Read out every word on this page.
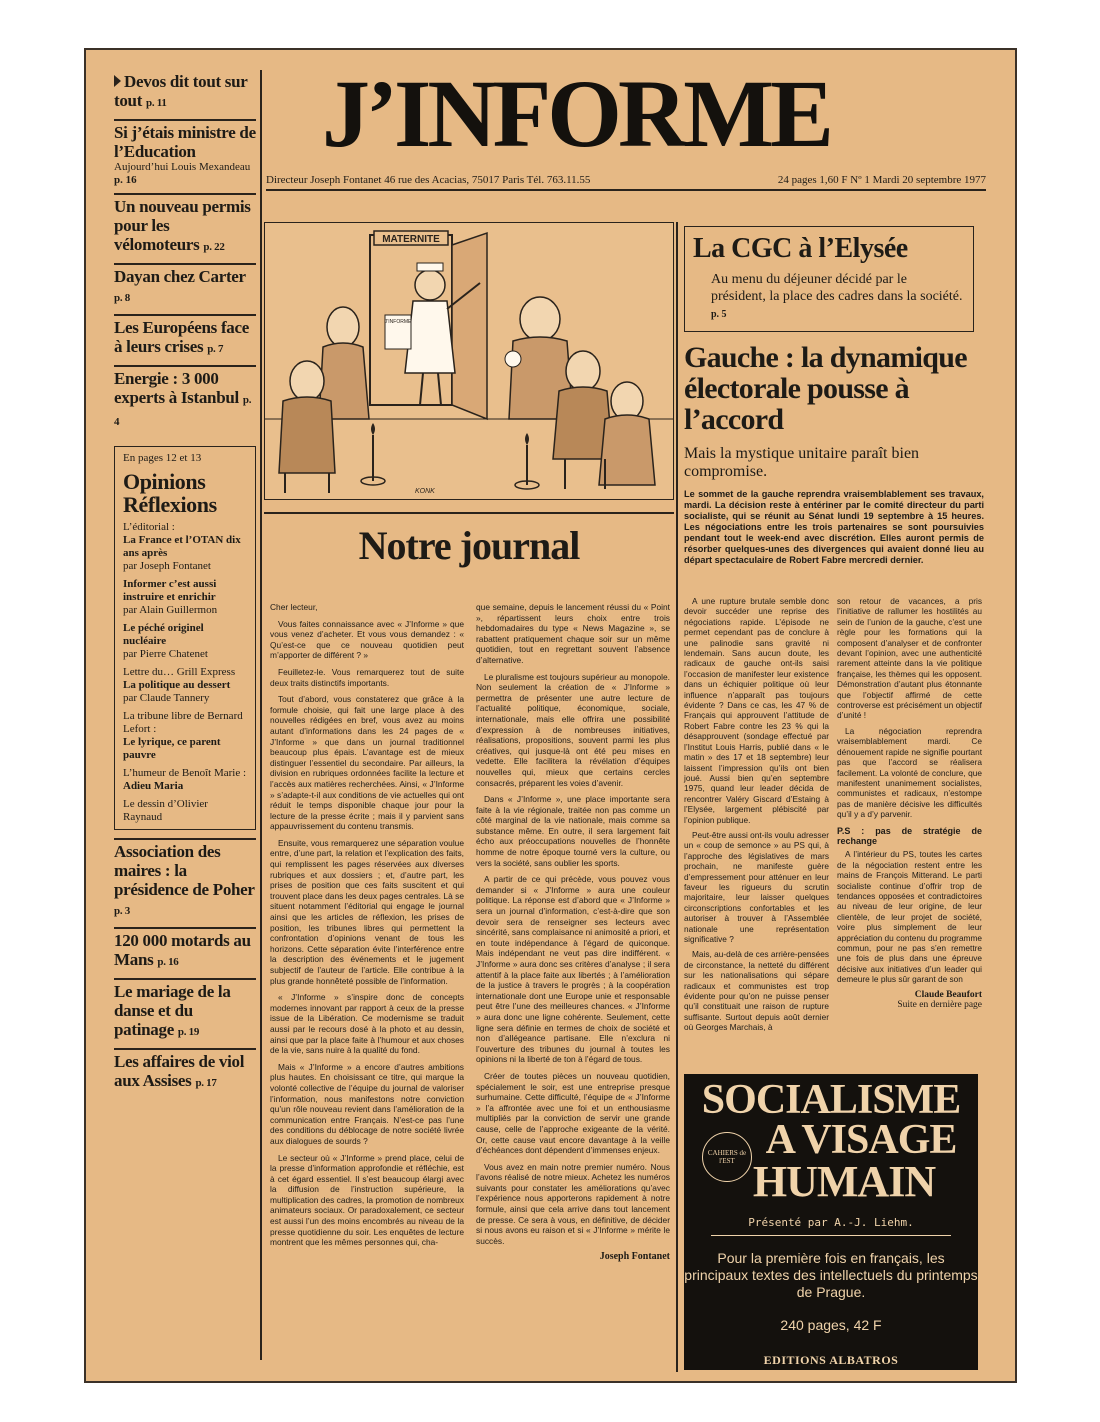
J’INFORME
Directeur Joseph Fontanet 46 rue des Acacias, 75017 Paris Tél. 763.11.55	24 pages 1,60 F Nº 1 Mardi 20 septembre 1977
Devos dit tout sur tout p. 11
Si j’étais ministre de l’Education
Aujourd’hui Louis Mexandeau p. 16
Un nouveau permis pour les vélomoteurs p. 22
Dayan chez Carter p. 8
Les Européens face à leurs crises p. 7
Energie : 3 000 experts à Istanbul p. 4
En pages 12 et 13
Opinions
Réflexions
L’éditorial :
La France et l’OTAN dix ans après
par Joseph Fontanet
Informer c’est aussi instruire et enrichir
par Alain Guillermon
Le péché originel nucléaire
par Pierre Chatenet
Lettre du… Grill Express
La politique au dessert
par Claude Tannery
La tribune libre de Bernard Lefort :
Le lyrique, ce parent pauvre
L’humeur de Benoît Marie :
Adieu Maria
Le dessin d’Olivier Raynaud
Association des maires : la présidence de Poher p. 3
120 000 motards au Mans p. 16
Le mariage de la danse et du patinage p. 19
Les affaires de viol aux Assises p. 17
MATERNITE
J’INFORME
KONK
Notre journal

Cher lecteur,

Vous faites connaissance avec « J’Informe » que vous venez d’acheter. Et vous vous demandez : « Qu’est-ce que ce nouveau quotidien peut m’apporter de différent ? »

Feuilletez-le. Vous remarquerez tout de suite deux traits distinctifs importants.

Tout d’abord, vous constaterez que grâce à la formule choisie, qui fait une large place à des nouvelles rédigées en bref, vous avez au moins autant d’informations dans les 24 pages de « J’Informe » que dans un journal traditionnel beaucoup plus épais. L’avantage est de mieux distinguer l’essentiel du secondaire. Par ailleurs, la division en rubriques ordonnées facilite la lecture et l’accès aux matières recherchées. Ainsi, « J’Informe » s’adapte-t-il aux conditions de vie actuelles qui ont réduit le temps disponible chaque jour pour la lecture de la presse écrite ; mais il y parvient sans appauvrissement du contenu transmis.

Ensuite, vous remarquerez une séparation voulue entre, d’une part, la relation et l’explication des faits, qui remplissent les pages réservées aux diverses rubriques et aux dossiers ; et, d’autre part, les prises de position que ces faits suscitent et qui trouvent place dans les deux pages centrales. Là se situent notamment l’éditorial qui engage le journal ainsi que les articles de réflexion, les prises de position, les tribunes libres qui permettent la confrontation d’opinions venant de tous les horizons. Cette séparation évite l’interférence entre la description des événements et le jugement subjectif de l’auteur de l’article. Elle contribue à la plus grande honnêteté possible de l’information.

« J’Informe » s’inspire donc de concepts modernes innovant par rapport à ceux de la presse issue de la Libération. Ce modernisme se traduit aussi par le recours dosé à la photo et au dessin, ainsi que par la place faite à l’humour et aux choses de la vie, sans nuire à la qualité du fond.

Mais « J’Informe » a encore d’autres ambitions plus hautes. En choisissant ce titre, qui marque la volonté collective de l’équipe du journal de valoriser l’information, nous manifestons notre conviction qu’un rôle nouveau revient dans l’amélioration de la communication entre Français. N’est-ce pas l’une des conditions du déblocage de notre société livrée aux dialogues de sourds ?

Le secteur où « J’Informe » prend place, celui de la presse d’information approfondie et réfléchie, est à cet égard essentiel. Il s’est beaucoup élargi avec la diffusion de l’instruction supérieure, la multiplication des cadres, la promotion de nombreux animateurs sociaux. Or paradoxalement, ce secteur est aussi l’un des moins encombrés au niveau de la presse quotidienne du soir. Les enquêtes de lecture montrent que les mêmes personnes qui, cha-

que semaine, depuis le lancement réussi du « Point », répartissent leurs choix entre trois hebdomadaires du type « News Magazine », se rabattent pratiquement chaque soir sur un même quotidien, tout en regrettant souvent l’absence d’alternative.

Le pluralisme est toujours supérieur au monopole. Non seulement la création de « J’Informe » permettra de présenter une autre lecture de l’actualité politique, économique, sociale, internationale, mais elle offrira une possibilité d’expression à de nombreuses initiatives, réalisations, propositions, souvent parmi les plus créatives, qui jusque-là ont été peu mises en vedette. Elle facilitera la révélation d’équipes nouvelles qui, mieux que certains cercles consacrés, préparent les voies d’avenir.

Dans « J’Informe », une place importante sera faite à la vie régionale, traitée non pas comme un côté marginal de la vie nationale, mais comme sa substance même. En outre, il sera largement fait écho aux préoccupations nouvelles de l’honnête homme de notre époque tourné vers la culture, ou vers la société, sans oublier les sports.

A partir de ce qui précède, vous pouvez vous demander si « J’Informe » aura une couleur politique. La réponse est d’abord que « J’Informe » sera un journal d’information, c’est-à-dire que son devoir sera de renseigner ses lecteurs avec sincérité, sans complaisance ni animosité a priori, et en toute indépendance à l’égard de quiconque. Mais indépendant ne veut pas dire indifférent. « J’Informe » aura donc ses critères d’analyse ; il sera attentif à la place faite aux libertés ; à l’amélioration de la justice à travers le progrès ; à la coopération internationale dont une Europe unie et responsable peut être l’une des meilleures chances. « J’Informe » aura donc une ligne cohérente. Seulement, cette ligne sera définie en termes de choix de société et non d’allégeance partisane. Elle n’exclura ni l’ouverture des tribunes du journal à toutes les opinions ni la liberté de ton à l’égard de tous.

Créer de toutes pièces un nouveau quotidien, spécialement le soir, est une entreprise presque surhumaine. Cette difficulté, l’équipe de « J’Informe » l’a affrontée avec une foi et un enthousiasme multipliés par la conviction de servir une grande cause, celle de l’approche exigeante de la vérité. Or, cette cause vaut encore davantage à la veille d’échéances dont dépendent d’immenses enjeux.

Vous avez en main notre premier numéro. Nous l’avons réalisé de notre mieux. Achetez les numéros suivants pour constater les améliorations qu’avec l’expérience nous apporterons rapidement à notre formule, ainsi que cela arrive dans tout lancement de presse. Ce sera à vous, en définitive, de décider si nous avons eu raison et si « J’Informe » mérite le succès.

Joseph Fontanet
La CGC à l’Elysée
Au menu du déjeuner décidé par le président, la place des cadres dans la société. p. 5
Gauche : la dynamique électorale pousse à l’accord
Mais la mystique unitaire paraît bien compromise.
Le sommet de la gauche reprendra vraisemblablement ses travaux, mardi. La décision reste à entériner par le comité directeur du parti socialiste, qui se réunit au Sénat lundi 19 septembre à 15 heures. Les négociations entre les trois partenaires se sont poursuivies pendant tout le week-end avec discrétion. Elles auront permis de résorber quelques-unes des divergences qui avaient donné lieu au départ spectaculaire de Robert Fabre mercredi dernier.

A une rupture brutale semble donc devoir succéder une reprise des négociations rapide. L’épisode ne permet cependant pas de conclure à une palinodie sans gravité ni lendemain. Sans aucun doute, les radicaux de gauche ont-ils saisi l’occasion de manifester leur existence dans un échiquier politique où leur influence n’apparaît pas toujours évidente ? Dans ce cas, les 47 % de Français qui approuvent l’attitude de Robert Fabre contre les 23 % qui la désapprouvent (sondage effectué par l’Institut Louis Harris, publié dans « le matin » des 17 et 18 septembre) leur laissent l’impression qu’ils ont bien joué. Aussi bien qu’en septembre 1975, quand leur leader décida de rencontrer Valéry Giscard d’Estaing à l’Elysée, largement plébiscité par l’opinion publique.

Peut-être aussi ont-ils voulu adresser un « coup de semonce » au PS qui, à l’approche des législatives de mars prochain, ne manifeste guère d’empressement pour atténuer en leur faveur les rigueurs du scrutin majoritaire, leur laisser quelques circonscriptions confortables et les autoriser à trouver à l’Assemblée nationale une représentation significative ?

Mais, au-delà de ces arrière-pensées de circonstance, la netteté du différent sur les nationalisations qui sépare radicaux et communistes est trop évidente pour qu’on ne puisse penser qu’il constituait une raison de rupture suffisante. Surtout depuis août dernier où Georges Marchais, à

son retour de vacances, a pris l’initiative de rallumer les hostilités au sein de l’union de la gauche, c’est une règle pour les formations qui la composent d’analyser et de confronter devant l’opinion, avec une authenticité rarement atteinte dans la vie politique française, les thèmes qui les opposent. Démonstration d’autant plus étonnante que l’objectif affirmé de cette controverse est précisément un objectif d’unité !

La négociation reprendra vraisemblablement mardi. Ce dénouement rapide ne signifie pourtant pas que l’accord se réalisera facilement. La volonté de conclure, que manifestent unanimement socialistes, communistes et radicaux, n’estompe pas de manière décisive les difficultés qu’il y a d’y parvenir.

P.S : pas de stratégie de rechange

A l’intérieur du PS, toutes les cartes de la négociation restent entre les mains de François Mitterand. Le parti socialiste continue d’offrir trop de tendances opposées et contradictoires au niveau de leur origine, de leur clientèle, de leur projet de société, voire plus simplement de leur appréciation du contenu du programme commun, pour ne pas s’en remettre une fois de plus dans une épreuve décisive aux initiatives d’un leader qui demeure le plus sûr garant de son

Claude Beaufort

Suite en dernière page

SOCIALISME
A VISAGE
HUMAIN
CAHIERS de l'EST
Présenté par A.-J. Liehm.
Pour la première fois en français, les principaux textes des intellectuels du printemps de Prague.
240 pages, 42 F
EDITIONS ALBATROS
